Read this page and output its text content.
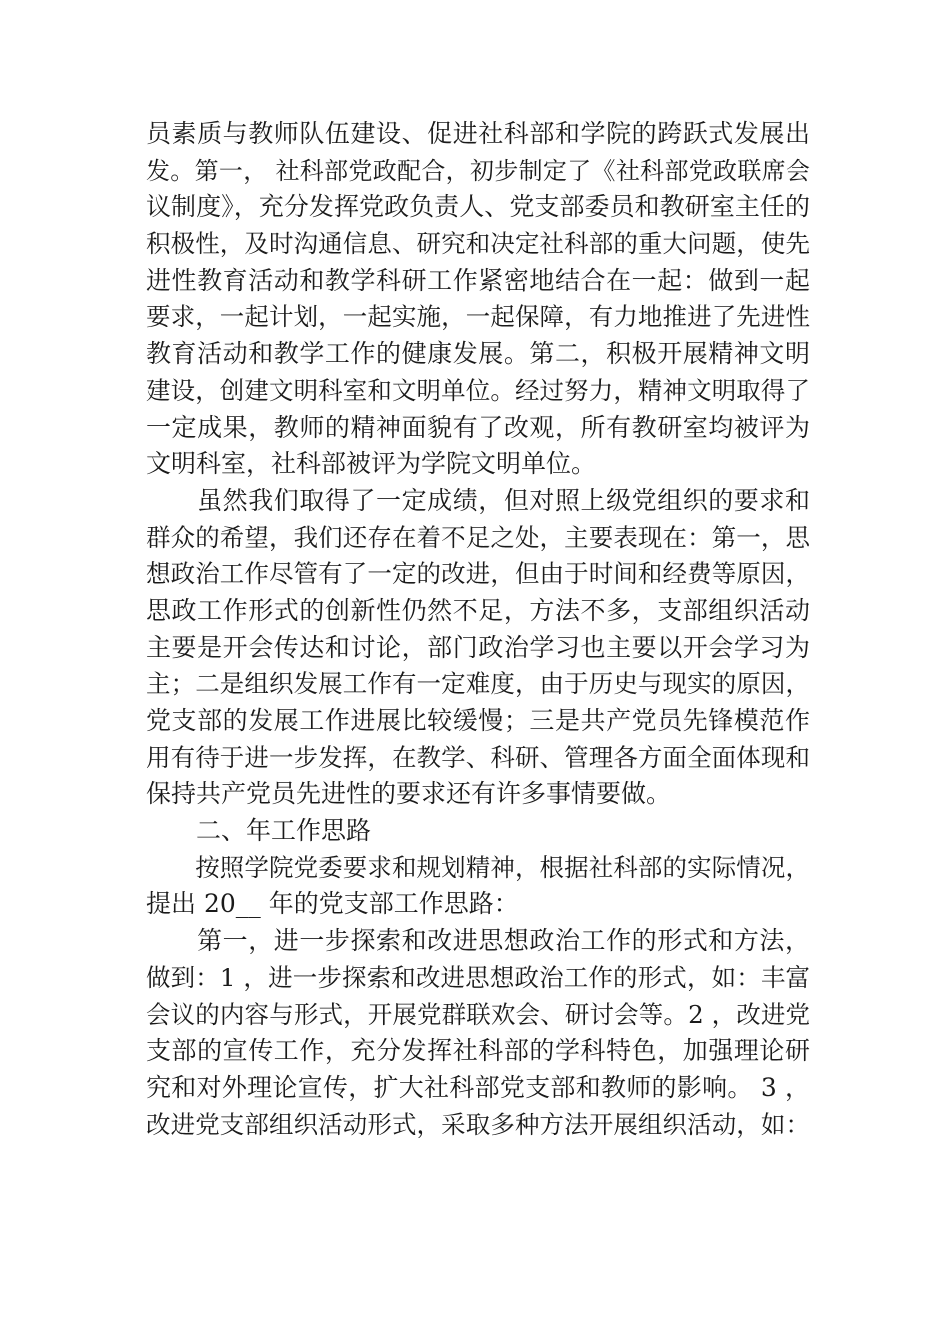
员素质与教师队伍建设、促进社科部和学院的跨跃式发展出
发。第一， 社科部党政配合，初步制定了《社科部党政联席会
议制度》，充分发挥党政负责人、党支部委员和教研室主任的
积极性，及时沟通信息、研究和决定社科部的重大问题，使先
进性教育活动和教学科研工作紧密地结合在一起：做到一起
要求，一起计划，一起实施，一起保障，有力地推进了先进性
教育活动和教学工作的健康发展。第二，积极开展精神文明
建设，创建文明科室和文明单位。经过努力，精神文明取得了
一定成果，教师的精神面貌有了改观，所有教研室均被评为
文明科室，社科部被评为学院文明单位。
　　虽然我们取得了一定成绩，但对照上级党组织的要求和
群众的希望，我们还存在着不足之处，主要表现在：第一，思
想政治工作尽管有了一定的改进，但由于时间和经费等原因，
思政工作形式的创新性仍然不足，方法不多，支部组织活动
主要是开会传达和讨论，部门政治学习也主要以开会学习为
主；二是组织发展工作有一定难度，由于历史与现实的原因，
党支部的发展工作进展比较缓慢；三是共产党员先锋模范作
用有待于进一步发挥，在教学、科研、管理各方面全面体现和
保持共产党员先进性的要求还有许多事情要做。
　　二、年工作思路
　　按照学院党委要求和规划精神，根据社科部的实际情况，
提出 20__ 年的党支部工作思路：
　　第一，进一步探索和改进思想政治工作的形式和方法，
做到：1 ，进一步探索和改进思想政治工作的形式，如：丰富
会议的内容与形式，开展党群联欢会、研讨会等。2 ，改进党
支部的宣传工作，充分发挥社科部的学科特色，加强理论研
究和对外理论宣传，扩大社科部党支部和教师的影响。 3 ，
改进党支部组织活动形式，采取多种方法开展组织活动，如：
